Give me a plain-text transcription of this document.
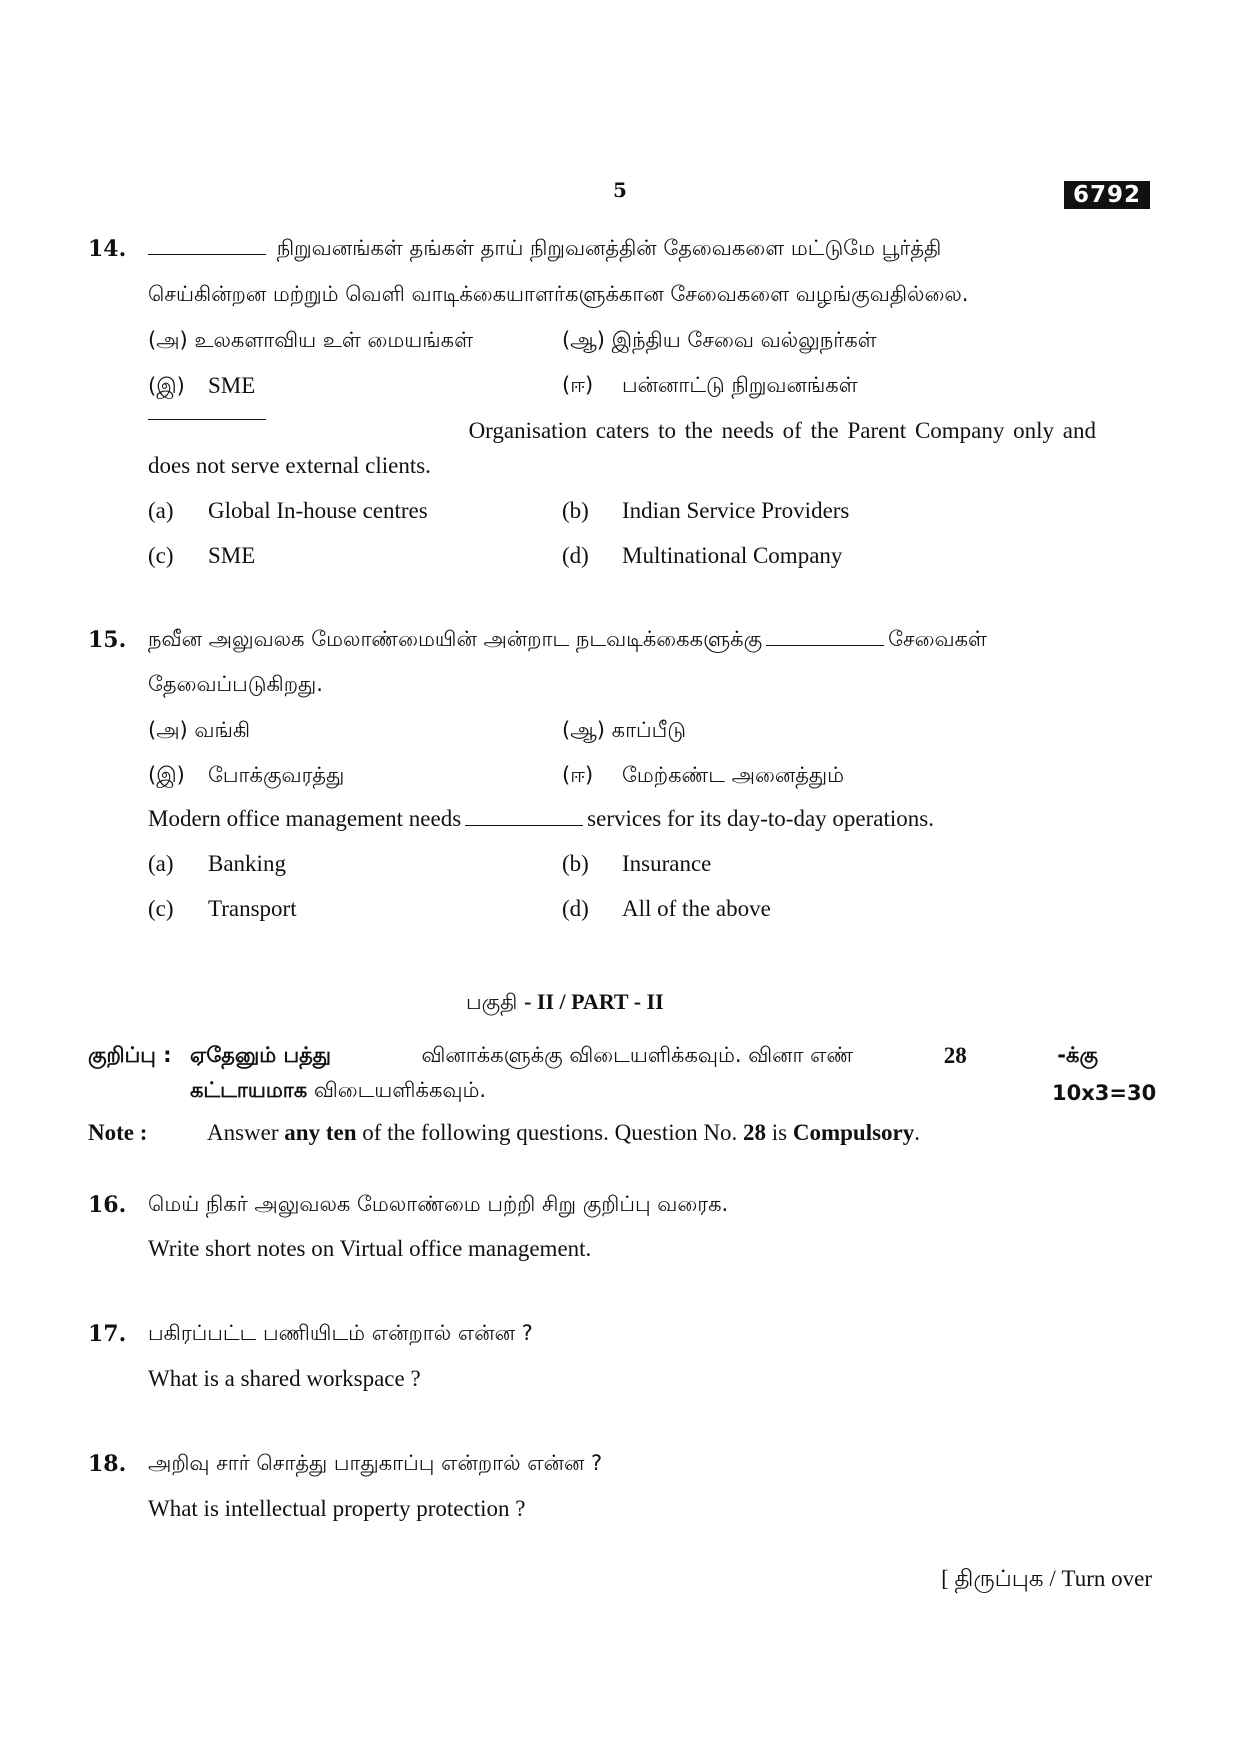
5	6792
14.	நிறுவனங்கள் தங்கள் தாய் நிறுவனத்தின் தேவைகளை மட்டுமே பூர்த்தி
செய்கின்றன மற்றும் வெளி வாடிக்கையாளர்களுக்கான சேவைகளை வழங்குவதில்லை.
(அ) உலகளாவிய உள் மையங்கள்	(ஆ) இந்திய சேவை வல்லுநர்கள்
(இ) SME	(ஈ) பன்னாட்டு நிறுவனங்கள்
Organisation caters to the needs of the Parent Company only and
does not serve external clients.
(a) Global In-house centres	(b) Indian Service Providers
(c) SME	(d) Multinational Company
15. நவீன அலுவலக மேலாண்மையின் அன்றாட நடவடிக்கைகளுக்கு	சேவைகள்
தேவைப்படுகிறது.
(அ) வங்கி	(ஆ) காப்பீடு
(இ) போக்குவரத்து	(ஈ) மேற்கண்ட அனைத்தும்
Modern office management needs	services for its day-to-day operations.
(a) Banking	(b) Insurance
(c) Transport	(d) All of the above
பகுதி - II / PART - II
குறிப்பு : ஏதேனும் பத்து	வினாக்களுக்கு விடையளிக்கவும். வினா எண்	28	-க்கு
கட்டாயமாக விடையளிக்கவும்.	10x3=30
Note :	Answer any ten of the following questions. Question No. 28 is Compulsory.
16. மெய் நிகர் அலுவலக மேலாண்மை பற்றி சிறு குறிப்பு வரைக.
Write short notes on Virtual office management.
17. பகிரப்பட்ட பணியிடம் என்றால் என்ன ?
What is a shared workspace ?
18. அறிவு சார் சொத்து பாதுகாப்பு என்றால் என்ன ?
What is intellectual property protection ?
[ திருப்புக / Turn over
